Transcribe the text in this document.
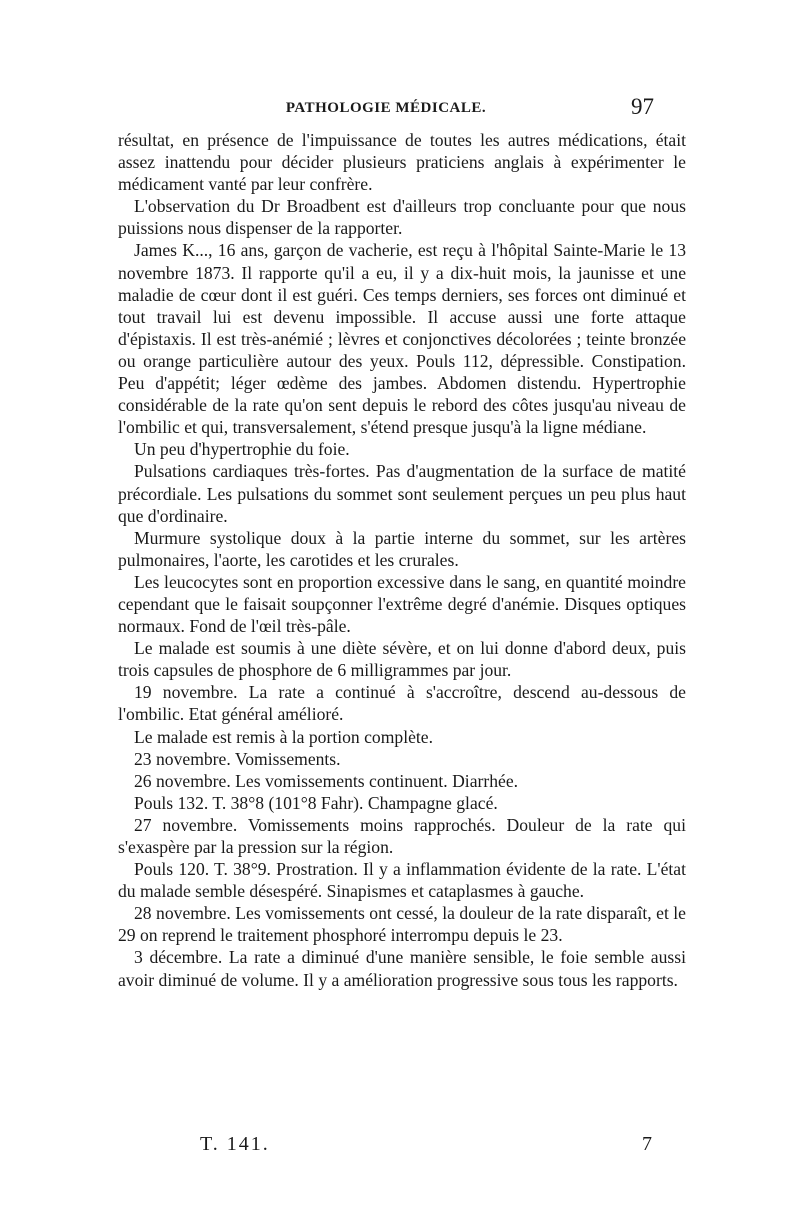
PATHOLOGIE MÉDICALE.	97

résultat, en présence de l'impuissance de toutes les autres médications, était assez inattendu pour décider plusieurs praticiens anglais à expérimenter le médicament vanté par leur confrère.

L'observation du Dr Broadbent est d'ailleurs trop concluante pour que nous puissions nous dispenser de la rapporter.

James K..., 16 ans, garçon de vacherie, est reçu à l'hôpital Sainte-Marie le 13 novembre 1873. Il rapporte qu'il a eu, il y a dix-huit mois, la jaunisse et une maladie de cœur dont il est guéri. Ces temps derniers, ses forces ont diminué et tout travail lui est devenu impossible. Il accuse aussi une forte attaque d'épistaxis. Il est très-anémié ; lèvres et conjonctives décolorées ; teinte bronzée ou orange particulière autour des yeux. Pouls 112, dépressible. Constipation. Peu d'appétit; léger œdème des jambes. Abdomen distendu. Hypertrophie considérable de la rate qu'on sent depuis le rebord des côtes jusqu'au niveau de l'ombilic et qui, transversalement, s'étend presque jusqu'à la ligne médiane.

Un peu d'hypertrophie du foie.

Pulsations cardiaques très-fortes. Pas d'augmentation de la surface de matité précordiale. Les pulsations du sommet sont seulement perçues un peu plus haut que d'ordinaire.

Murmure systolique doux à la partie interne du sommet, sur les artères pulmonaires, l'aorte, les carotides et les crurales.

Les leucocytes sont en proportion excessive dans le sang, en quantité moindre cependant que le faisait soupçonner l'extrême degré d'anémie. Disques optiques normaux. Fond de l'œil très-pâle.

Le malade est soumis à une diète sévère, et on lui donne d'abord deux, puis trois capsules de phosphore de 6 milligrammes par jour.

19 novembre. La rate a continué à s'accroître, descend au-dessous de l'ombilic. Etat général amélioré.

Le malade est remis à la portion complète.

23 novembre. Vomissements.

26 novembre. Les vomissements continuent. Diarrhée.

Pouls 132. T. 38°8 (101°8 Fahr). Champagne glacé.

27 novembre. Vomissements moins rapprochés. Douleur de la rate qui s'exaspère par la pression sur la région.

Pouls 120. T. 38°9. Prostration. Il y a inflammation évidente de la rate. L'état du malade semble désespéré. Sinapismes et cataplasmes à gauche.

28 novembre. Les vomissements ont cessé, la douleur de la rate disparaît, et le 29 on reprend le traitement phosphoré interrompu depuis le 23.

3 décembre. La rate a diminué d'une manière sensible, le foie semble aussi avoir diminué de volume. Il y a amélioration progressive sous tous les rapports.

T. 141.	7
